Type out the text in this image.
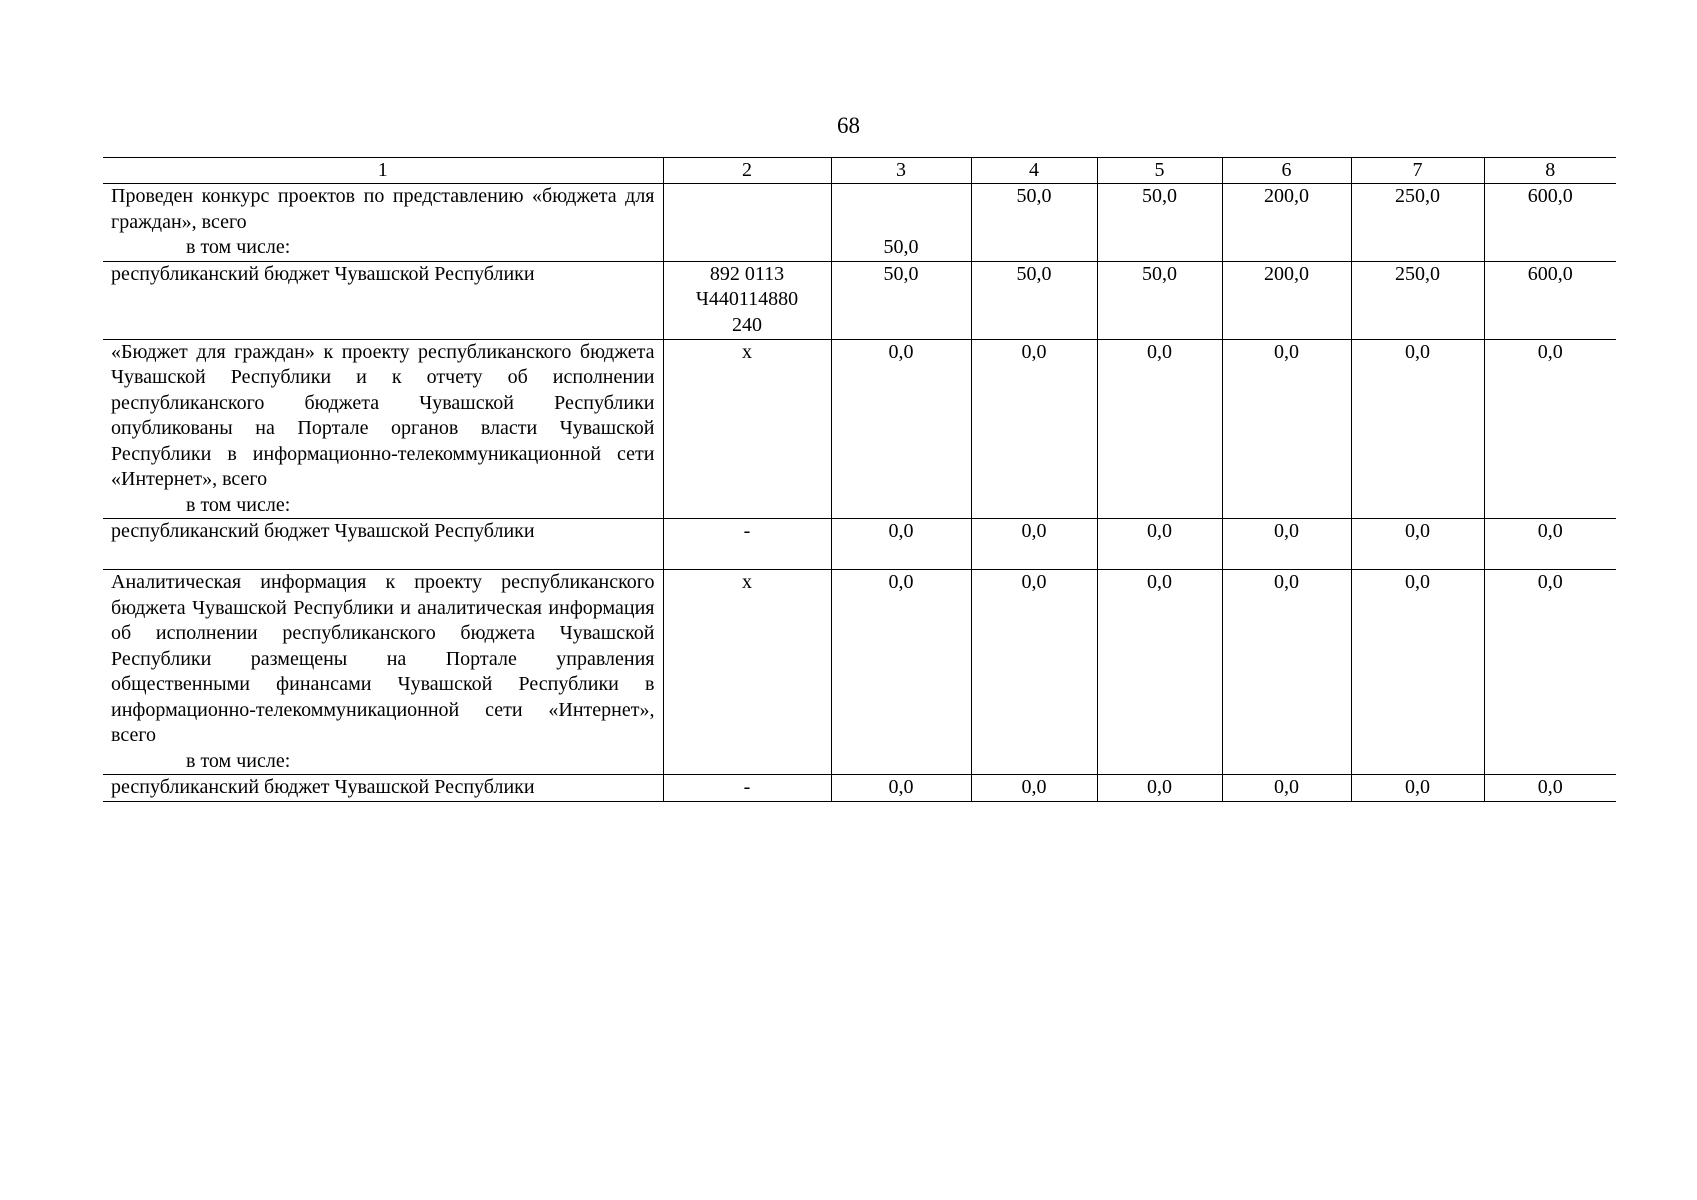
68
1	2	3	4	5	6	7	8

Проведен конкурс проектов по представлению «бюджета для граждан», всего
в том числе:		50,0	50,0	50,0	200,0	250,0	600,0

республиканский бюджет Чувашской Республики	892 0113 Ч440114880 240	50,0	50,0	50,0	200,0	250,0	600,0

«Бюджет для граждан» к проекту республиканского бюджета Чувашской Республики и к отчету об исполнении республиканского бюджета Чувашской Республики опубликованы на Портале органов власти Чувашской Республики в информационно-телекоммуникационной сети «Интернет», всего
в том числе:	х	0,0	0,0	0,0	0,0	0,0	0,0

республиканский бюджет Чувашской Республики	-	0,0	0,0	0,0	0,0	0,0	0,0

Аналитическая информация к проекту республиканского бюджета Чувашской Республики и аналитическая информация об исполнении республиканского бюджета Чувашской Республики размещены на Портале управления общественными финансами Чувашской Республики в информационно-телекоммуникационной сети «Интернет», всего
в том числе:	х	0,0	0,0	0,0	0,0	0,0	0,0

республиканский бюджет Чувашской Республики	-	0,0	0,0	0,0	0,0	0,0	0,0
